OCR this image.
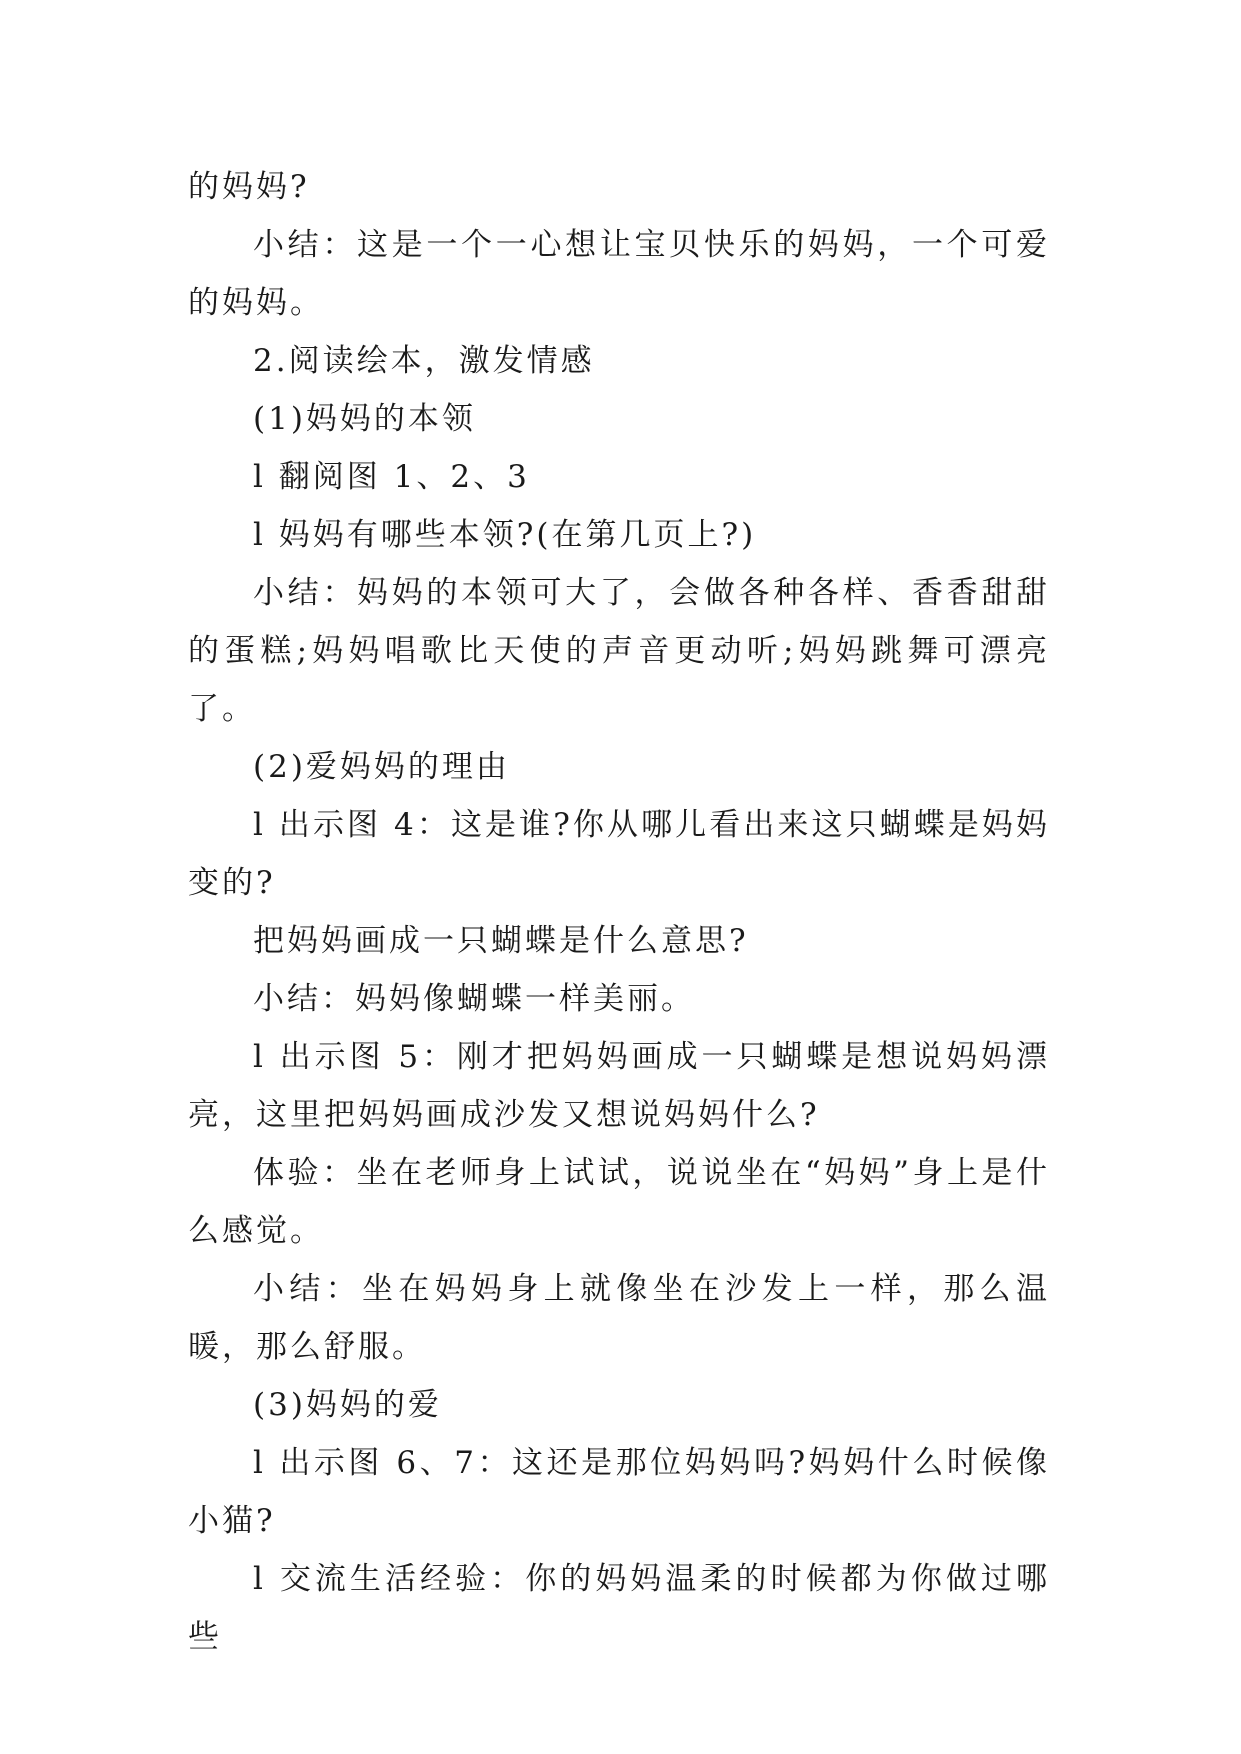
的妈妈?

小结：这是一个一心想让宝贝快乐的妈妈，一个可爱的妈妈。

2.阅读绘本，激发情感

(1)妈妈的本领

l 翻阅图 1、2、3

l 妈妈有哪些本领?(在第几页上?)

小结：妈妈的本领可大了，会做各种各样、香香甜甜的蛋糕;妈妈唱歌比天使的声音更动听;妈妈跳舞可漂亮了。

(2)爱妈妈的理由

l 出示图 4：这是谁?你从哪儿看出来这只蝴蝶是妈妈变的?

把妈妈画成一只蝴蝶是什么意思?

小结：妈妈像蝴蝶一样美丽。

l 出示图 5：刚才把妈妈画成一只蝴蝶是想说妈妈漂亮，这里把妈妈画成沙发又想说妈妈什么?

体验：坐在老师身上试试，说说坐在“妈妈”身上是什么感觉。

小结：坐在妈妈身上就像坐在沙发上一样，那么温暖，那么舒服。

(3)妈妈的爱

l 出示图 6、7：这还是那位妈妈吗?妈妈什么时候像小猫?

l 交流生活经验：你的妈妈温柔的时候都为你做过哪些
